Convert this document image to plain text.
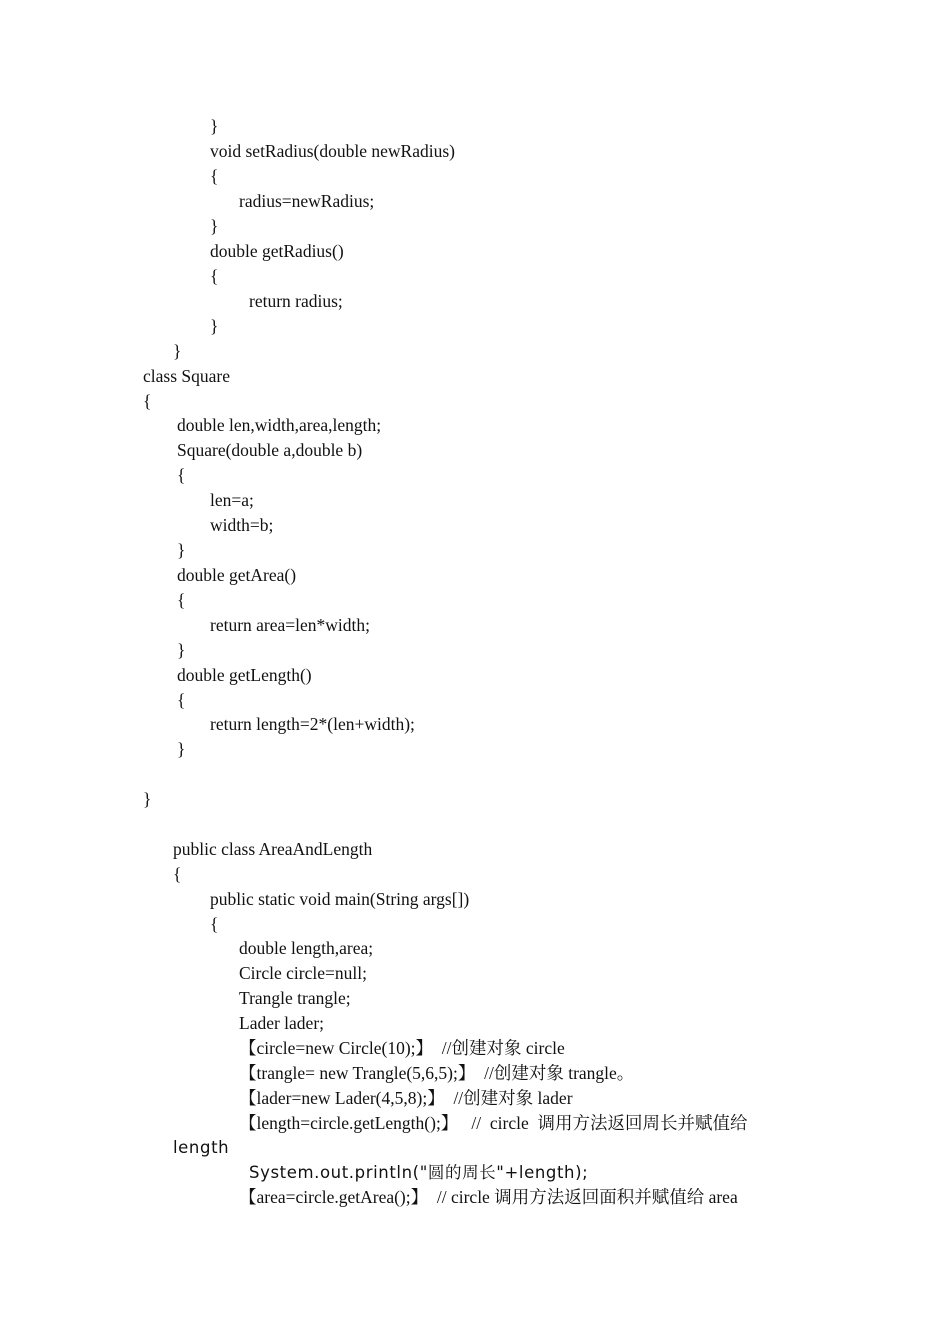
}

void setRadius(double newRadius)

{

radius=newRadius;

}

double getRadius()

{

return radius;

}

}

class Square

{

double len,width,area,length;

Square(double a,double b)

{

len=a;

width=b;

}

double getArea()

{

return area=len*width;

}

double getLength()

{

return length=2*(len+width);

}

}

public class AreaAndLength

{

public static void main(String args[])

{

double length,area;

Circle circle=null;

Trangle trangle;

Lader lader;

【circle=new Circle(10);】  //创建对象 circle

【trangle= new Trangle(5,6,5);】  //创建对象 trangle。

【lader=new Lader(4,5,8);】  //创建对象 lader

【length=circle.getLength();】   //  circle  调用方法返回周长并赋值给

length

System.out.println("圆的周长"+length);

【area=circle.getArea();】  // circle 调用方法返回面积并赋值给 area
